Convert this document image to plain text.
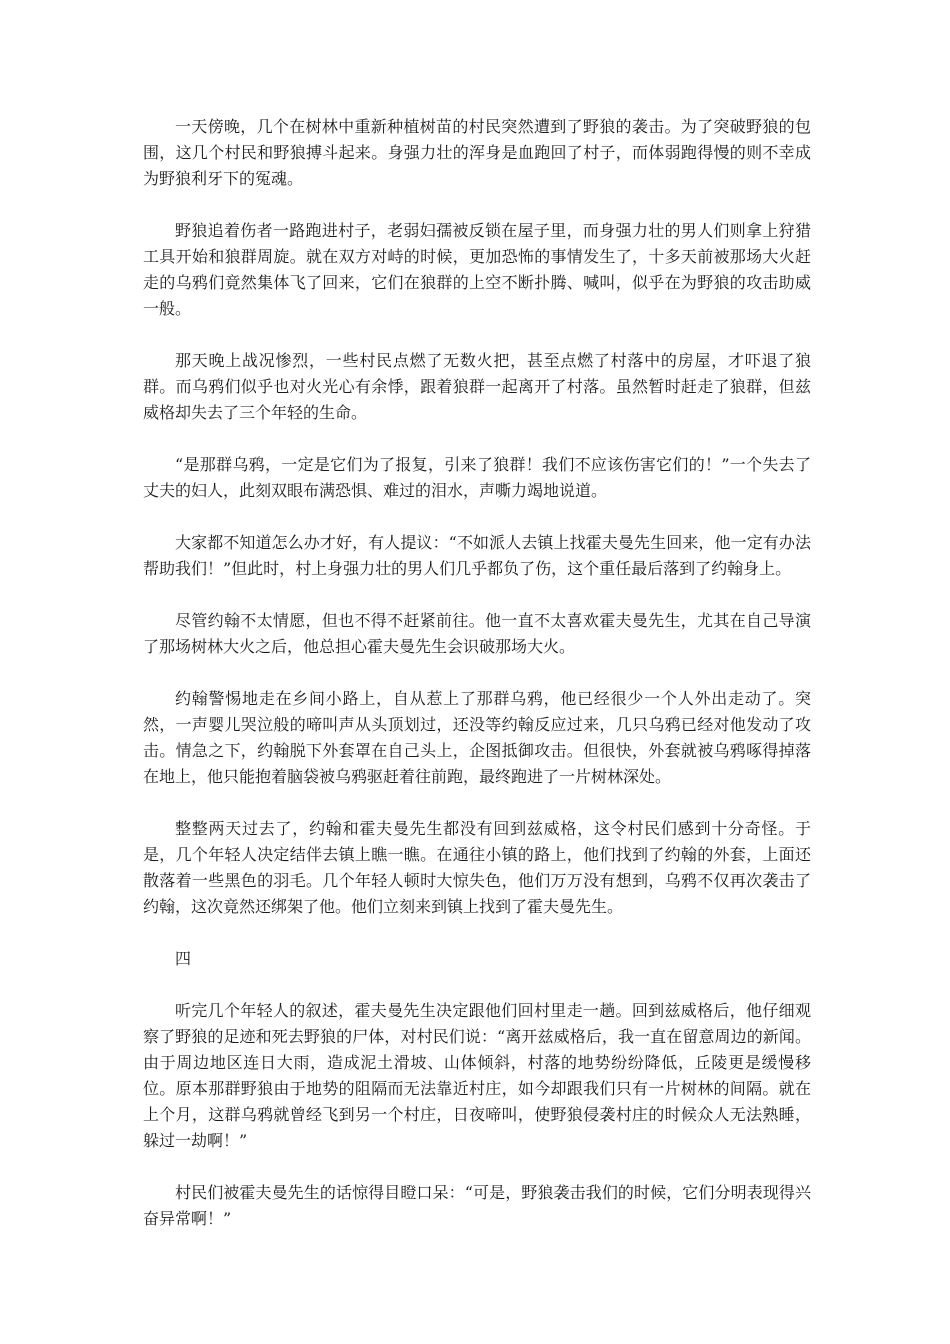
一天傍晚，几个在树林中重新种植树苗的村民突然遭到了野狼的袭击。为了突破野狼的包围，这几个村民和野狼搏斗起来。身强力壮的浑身是血跑回了村子，而体弱跑得慢的则不幸成为野狼利牙下的冤魂。

野狼追着伤者一路跑进村子，老弱妇孺被反锁在屋子里，而身强力壮的男人们则拿上狩猎工具开始和狼群周旋。就在双方对峙的时候，更加恐怖的事情发生了，十多天前被那场大火赶走的乌鸦们竟然集体飞了回来，它们在狼群的上空不断扑腾、喊叫，似乎在为野狼的攻击助威一般。

那天晚上战况惨烈，一些村民点燃了无数火把，甚至点燃了村落中的房屋，才吓退了狼群。而乌鸦们似乎也对火光心有余悸，跟着狼群一起离开了村落。虽然暂时赶走了狼群，但兹威格却失去了三个年轻的生命。

“是那群乌鸦，一定是它们为了报复，引来了狼群！我们不应该伤害它们的！”一个失去了丈夫的妇人，此刻双眼布满恐惧、难过的泪水，声嘶力竭地说道。

大家都不知道怎么办才好，有人提议：“不如派人去镇上找霍夫曼先生回来，他一定有办法帮助我们！”但此时，村上身强力壮的男人们几乎都负了伤，这个重任最后落到了约翰身上。

尽管约翰不太情愿，但也不得不赶紧前往。他一直不太喜欢霍夫曼先生，尤其在自己导演了那场树林大火之后，他总担心霍夫曼先生会识破那场大火。

约翰警惕地走在乡间小路上，自从惹上了那群乌鸦，他已经很少一个人外出走动了。突然，一声婴儿哭泣般的啼叫声从头顶划过，还没等约翰反应过来，几只乌鸦已经对他发动了攻击。情急之下，约翰脱下外套罩在自己头上，企图抵御攻击。但很快，外套就被乌鸦啄得掉落在地上，他只能抱着脑袋被乌鸦驱赶着往前跑，最终跑进了一片树林深处。

整整两天过去了，约翰和霍夫曼先生都没有回到兹威格，这令村民们感到十分奇怪。于是，几个年轻人决定结伴去镇上瞧一瞧。在通往小镇的路上，他们找到了约翰的外套，上面还散落着一些黑色的羽毛。几个年轻人顿时大惊失色，他们万万没有想到，乌鸦不仅再次袭击了约翰，这次竟然还绑架了他。他们立刻来到镇上找到了霍夫曼先生。

四

听完几个年轻人的叙述，霍夫曼先生决定跟他们回村里走一趟。回到兹威格后，他仔细观察了野狼的足迹和死去野狼的尸体，对村民们说：“离开兹威格后，我一直在留意周边的新闻。由于周边地区连日大雨，造成泥土滑坡、山体倾斜，村落的地势纷纷降低，丘陵更是缓慢移位。原本那群野狼由于地势的阻隔而无法靠近村庄，如今却跟我们只有一片树林的间隔。就在上个月，这群乌鸦就曾经飞到另一个村庄，日夜啼叫，使野狼侵袭村庄的时候众人无法熟睡，躲过一劫啊！”

村民们被霍夫曼先生的话惊得目瞪口呆：“可是，野狼袭击我们的时候，它们分明表现得兴奋异常啊！”
